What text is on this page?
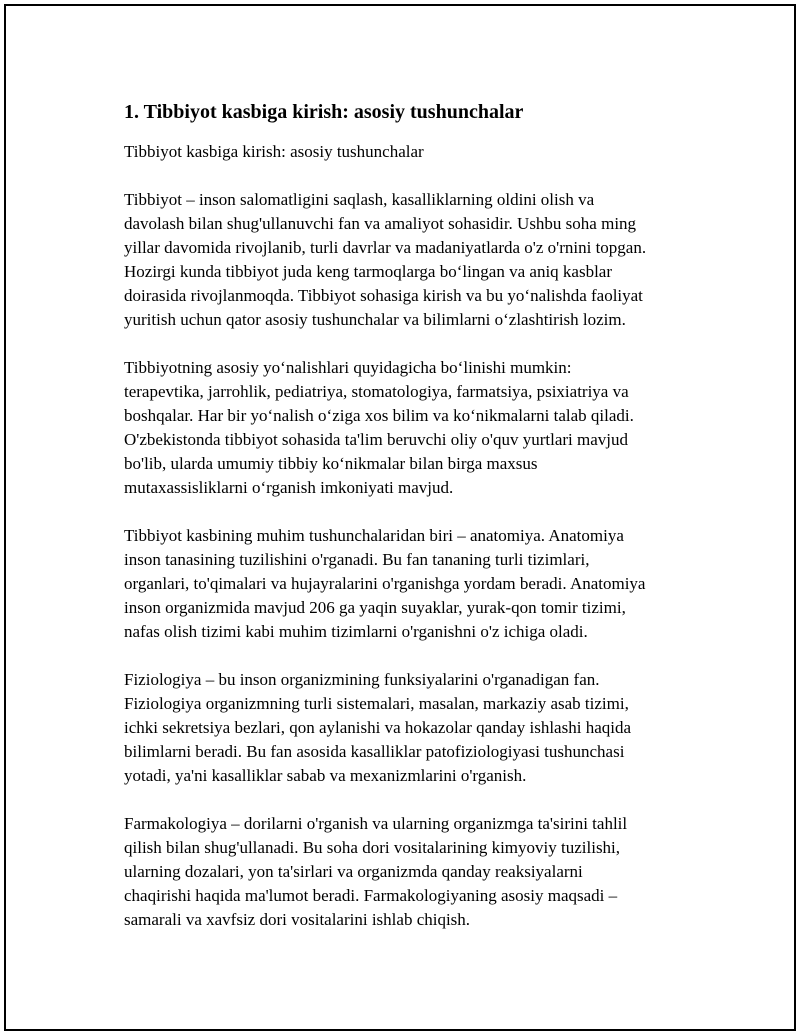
1. Tibbiyot kasbiga kirish: asosiy tushunchalar
Tibbiyot kasbiga kirish: asosiy tushunchalar
Tibbiyot – inson salomatligini saqlash, kasalliklarning oldini olish va
davolash bilan shug'ullanuvchi fan va amaliyot sohasidir. Ushbu soha ming
yillar davomida rivojlanib, turli davrlar va madaniyatlarda o'z o'rnini topgan.
Hozirgi kunda tibbiyot juda keng tarmoqlarga bo‘lingan va aniq kasblar
doirasida rivojlanmoqda. Tibbiyot sohasiga kirish va bu yo‘nalishda faoliyat
yuritish uchun qator asosiy tushunchalar va bilimlarni o‘zlashtirish lozim.
Tibbiyotning asosiy yo‘nalishlari quyidagicha bo‘linishi mumkin:
terapevtika, jarrohlik, pediatriya, stomatologiya, farmatsiya, psixiatriya va
boshqalar. Har bir yo‘nalish o‘ziga xos bilim va ko‘nikmalarni talab qiladi.
O'zbekistonda tibbiyot sohasida ta'lim beruvchi oliy o'quv yurtlari mavjud
bo'lib, ularda umumiy tibbiy ko‘nikmalar bilan birga maxsus
mutaxassisliklarni o‘rganish imkoniyati mavjud.
Tibbiyot kasbining muhim tushunchalaridan biri – anatomiya. Anatomiya
inson tanasining tuzilishini o'rganadi. Bu fan tananing turli tizimlari,
organlari, to'qimalari va hujayralarini o'rganishga yordam beradi. Anatomiya
inson organizmida mavjud 206 ga yaqin suyaklar, yurak-qon tomir tizimi,
nafas olish tizimi kabi muhim tizimlarni o'rganishni o'z ichiga oladi.
Fiziologiya – bu inson organizmining funksiyalarini o'rganadigan fan.
Fiziologiya organizmning turli sistemalari, masalan, markaziy asab tizimi,
ichki sekretsiya bezlari, qon aylanishi va hokazolar qanday ishlashi haqida
bilimlarni beradi. Bu fan asosida kasalliklar patofiziologiyasi tushunchasi
yotadi, ya'ni kasalliklar sabab va mexanizmlarini o'rganish.
Farmakologiya – dorilarni o'rganish va ularning organizmga ta'sirini tahlil
qilish bilan shug'ullanadi. Bu soha dori vositalarining kimyoviy tuzilishi,
ularning dozalari, yon ta'sirlari va organizmda qanday reaksiyalarni
chaqirishi haqida ma'lumot beradi. Farmakologiyaning asosiy maqsadi –
samarali va xavfsiz dori vositalarini ishlab chiqish.
